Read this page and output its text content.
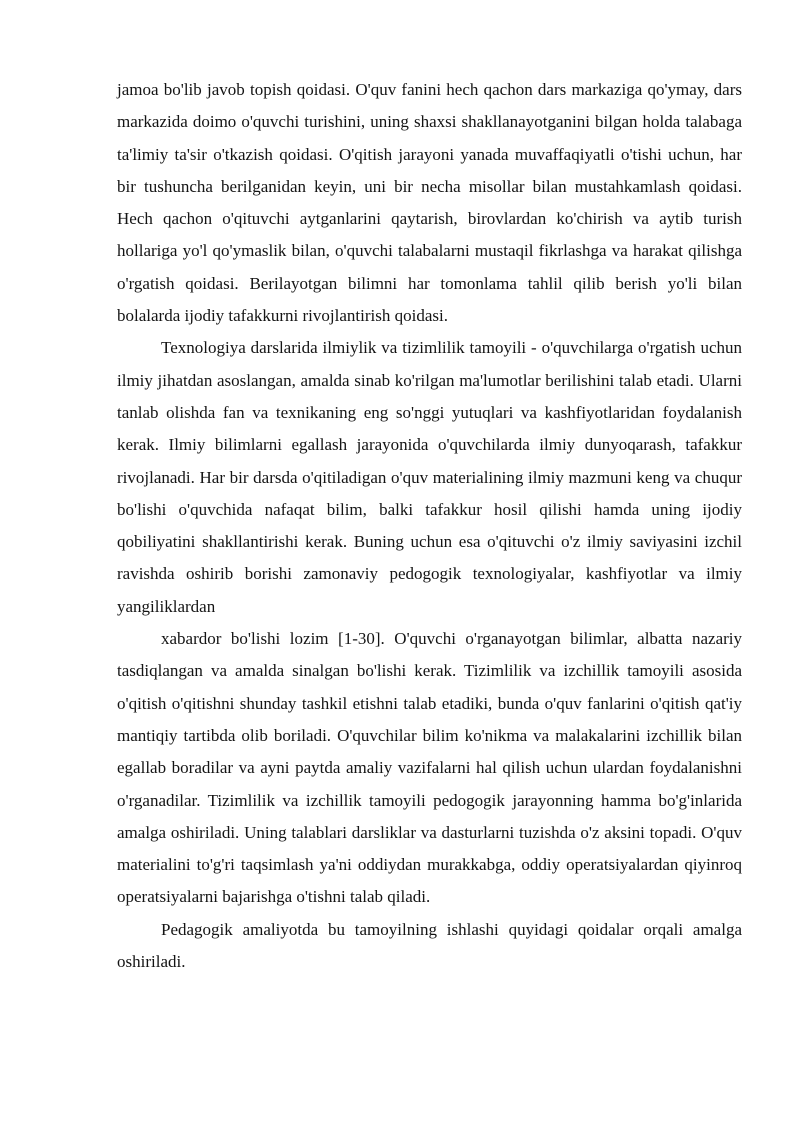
jamoa bo'lib javob topish qoidasi. O'quv fanini hech qachon dars markaziga qo'ymay, dars markazida doimo o'quvchi turishini, uning shaxsi shakllanayotganini bilgan holda talabaga ta'limiy ta'sir o'tkazish qoidasi. O'qitish jarayoni yanada muvaffaqiyatli o'tishi uchun, har bir tushuncha berilganidan keyin, uni bir necha misollar bilan mustahkamlash qoidasi. Hech qachon o'qituvchi aytganlarini qaytarish, birovlardan ko'chirish va aytib turish hollariga yo'l qo'ymaslik bilan, o'quvchi talabalarni mustaqil fikrlashga va harakat qilishga o'rgatish qoidasi. Berilayotgan bilimni har tomonlama tahlil qilib berish yo'li bilan bolalarda ijodiy tafakkurni rivojlantirish qoidasi.

Texnologiya darslarida ilmiylik va tizimlilik tamoyili - o'quvchilarga o'rgatish uchun ilmiy jihatdan asoslangan, amalda sinab ko'rilgan ma'lumotlar berilishini talab etadi. Ularni tanlab olishda fan va texnikaning eng so'nggi yutuqlari va kashfiyotlaridan foydalanish kerak. Ilmiy bilimlarni egallash jarayonida o'quvchilarda ilmiy dunyoqarash, tafakkur rivojlanadi. Har bir darsda o'qitiladigan o'quv materialining ilmiy mazmuni keng va chuqur bo'lishi o'quvchida nafaqat bilim, balki tafakkur hosil qilishi hamda uning ijodiy qobiliyatini shakllantirishi kerak. Buning uchun esa o'qituvchi o'z ilmiy saviyasini izchil ravishda oshirib borishi zamonaviy pedogogik texnologiyalar, kashfiyotlar va ilmiy yangiliklardan

xabardor bo'lishi lozim [1-30]. O'quvchi o'rganayotgan bilimlar, albatta nazariy tasdiqlangan va amalda sinalgan bo'lishi kerak. Tizimlilik va izchillik tamoyili asosida o'qitish o'qitishni shunday tashkil etishni talab etadiki, bunda o'quv fanlarini o'qitish qat'iy mantiqiy tartibda olib boriladi. O'quvchilar bilim ko'nikma va malakalarini izchillik bilan egallab boradilar va ayni paytda amaliy vazifalarni hal qilish uchun ulardan foydalanishni o'rganadilar. Tizimlilik va izchillik tamoyili pedogogik jarayonning hamma bo'g'inlarida amalga oshiriladi. Uning talablari darsliklar va dasturlarni tuzishda o'z aksini topadi. O'quv materialini to'g'ri taqsimlash ya'ni oddiydan murakkabga, oddiy operatsiyalardan qiyinroq operatsiyalarni bajarishga o'tishni talab qiladi.

Pedagogik amaliyotda bu tamoyilning ishlashi quyidagi qoidalar orqali amalga oshiriladi.
